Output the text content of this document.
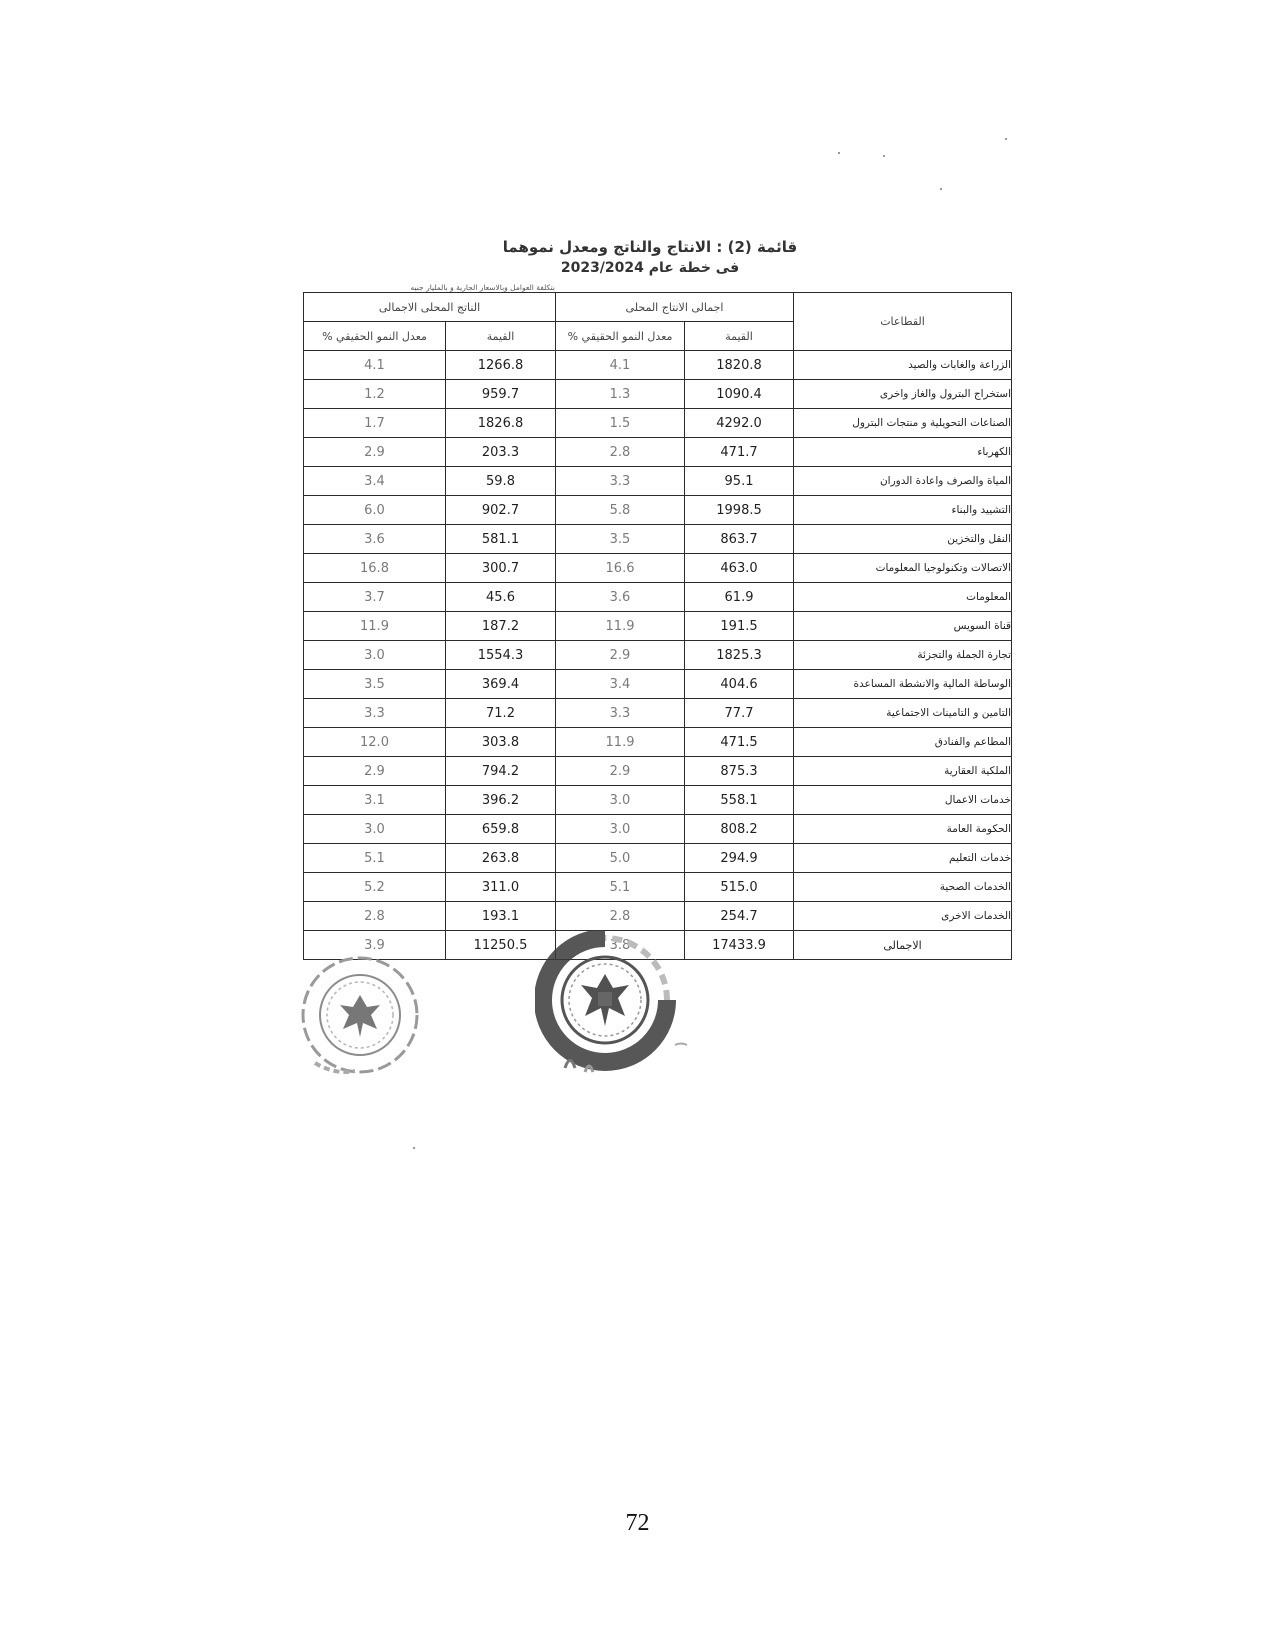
قائمة (2) : الانتاج والناتج ومعدل نموهما
فى خطة عام 2023/2024
بتكلفة العوامل وبالاسعار الجارية و بالمليار جنيه
القطاعات	اجمالى الانتاج المحلى		الناتج المحلى الاجمالى	
	القيمة	معدل النمو الحقيقي %	القيمة	معدل النمو الحقيقي %
الزراعة والغابات والصيد	1820.8	4.1	1266.8	4.1
استخراج البترول والغاز واخرى	1090.4	1.3	959.7	1.2
الصناعات التحويلية و منتجات البترول	4292.0	1.5	1826.8	1.7
الكهرباء	471.7	2.8	203.3	2.9
المياة والصرف واعادة الدوران	95.1	3.3	59.8	3.4
التشييد والبناء	1998.5	5.8	902.7	6.0
النقل والتخزين	863.7	3.5	581.1	3.6
الاتصالات وتكنولوجيا المعلومات	463.0	16.6	300.7	16.8
المعلومات	61.9	3.6	45.6	3.7
قناة السويس	191.5	11.9	187.2	11.9
تجارة الجملة والتجزئة	1825.3	2.9	1554.3	3.0
الوساطة المالية والانشطة المساعدة	404.6	3.4	369.4	3.5
التامين و التامينات الاجتماعية	77.7	3.3	71.2	3.3
المطاعم والفنادق	471.5	11.9	303.8	12.0
الملكية العقارية	875.3	2.9	794.2	2.9
خدمات الاعمال	558.1	3.0	396.2	3.1
الحكومة العامة	808.2	3.0	659.8	3.0
خدمات التعليم	294.9	5.0	263.8	5.1
الخدمات الصحية	515.0	5.1	311.0	5.2
الخدمات الاخرى	254.7	2.8	193.1	2.8
الاجمالى	17433.9	3.8	11250.5	3.9
72
